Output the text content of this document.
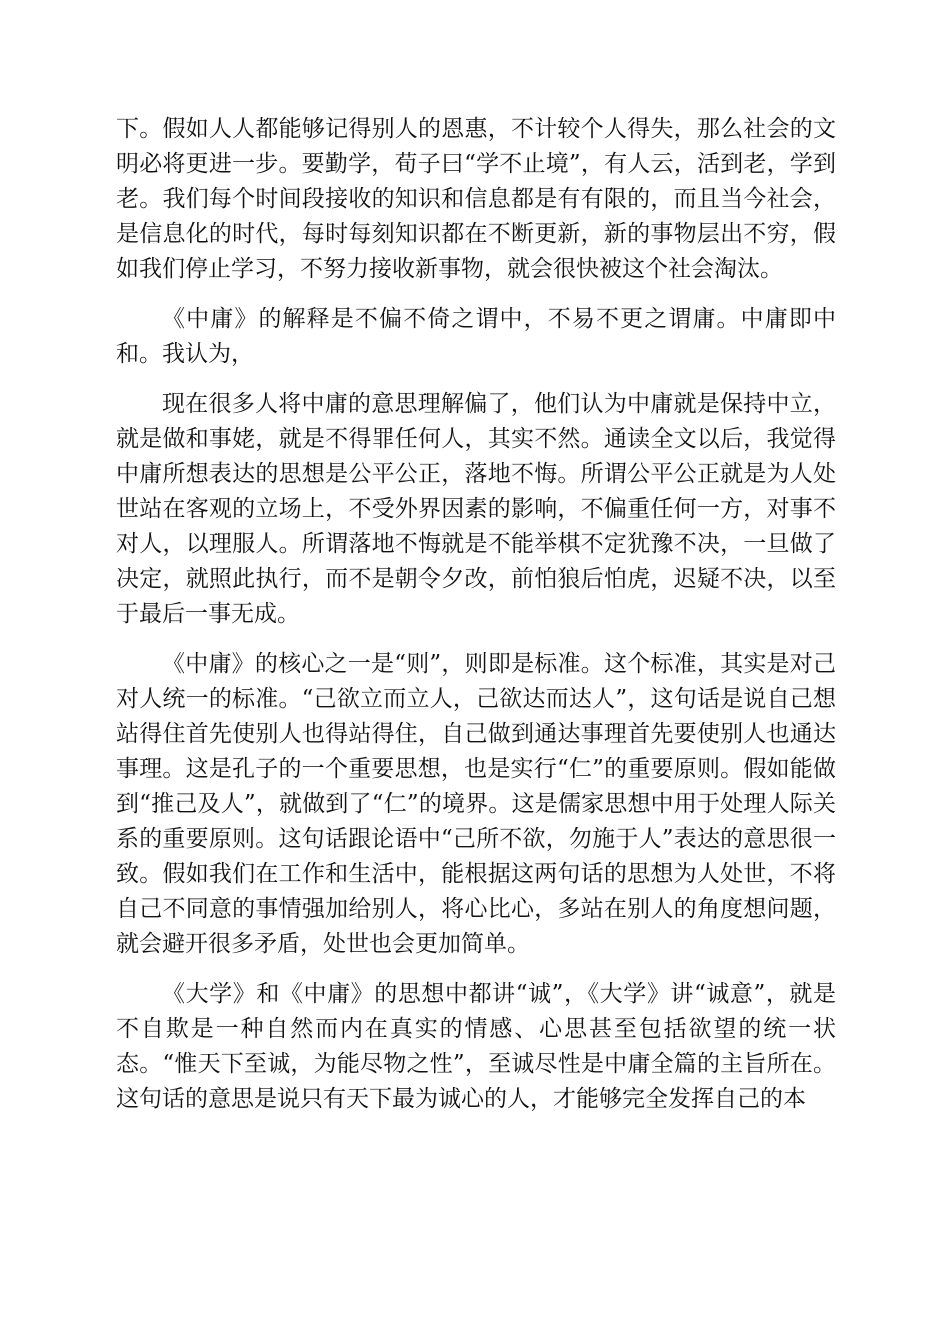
下。假如人人都能够记得别人的恩惠，不计较个人得失，那么社会的文明必将更进一步。要勤学，荀子曰“学不止境”，有人云，活到老，学到老。我们每个时间段接收的知识和信息都是有有限的，而且当今社会，是信息化的时代，每时每刻知识都在不断更新，新的事物层出不穷，假如我们停止学习，不努力接收新事物，就会很快被这个社会淘汰。

《中庸》的解释是不偏不倚之谓中，不易不更之谓庸。中庸即中和。我认为，

现在很多人将中庸的意思理解偏了，他们认为中庸就是保持中立，就是做和事姥，就是不得罪任何人，其实不然。通读全文以后，我觉得中庸所想表达的思想是公平公正，落地不悔。所谓公平公正就是为人处世站在客观的立场上，不受外界因素的影响，不偏重任何一方，对事不对人，以理服人。所谓落地不悔就是不能举棋不定犹豫不决，一旦做了决定，就照此执行，而不是朝令夕改，前怕狼后怕虎，迟疑不决，以至于最后一事无成。

《中庸》的核心之一是“则”，则即是标准。这个标准，其实是对己对人统一的标准。“己欲立而立人，己欲达而达人”，这句话是说自己想站得住首先使别人也得站得住，自己做到通达事理首先要使别人也通达事理。这是孔子的一个重要思想，也是实行“仁”的重要原则。假如能做到“推己及人”，就做到了“仁”的境界。这是儒家思想中用于处理人际关系的重要原则。这句话跟论语中“己所不欲，勿施于人”表达的意思很一致。假如我们在工作和生活中，能根据这两句话的思想为人处世，不将自己不同意的事情强加给别人，将心比心，多站在别人的角度想问题，就会避开很多矛盾，处世也会更加简单。

《大学》和《中庸》的思想中都讲“诚”，《大学》讲“诚意”，就是不自欺是一种自然而内在真实的情感、心思甚至包括欲望的统一状态。“惟天下至诚，为能尽物之性”，至诚尽性是中庸全篇的主旨所在。这句话的意思是说只有天下最为诚心的人，才能够完全发挥自己的本
